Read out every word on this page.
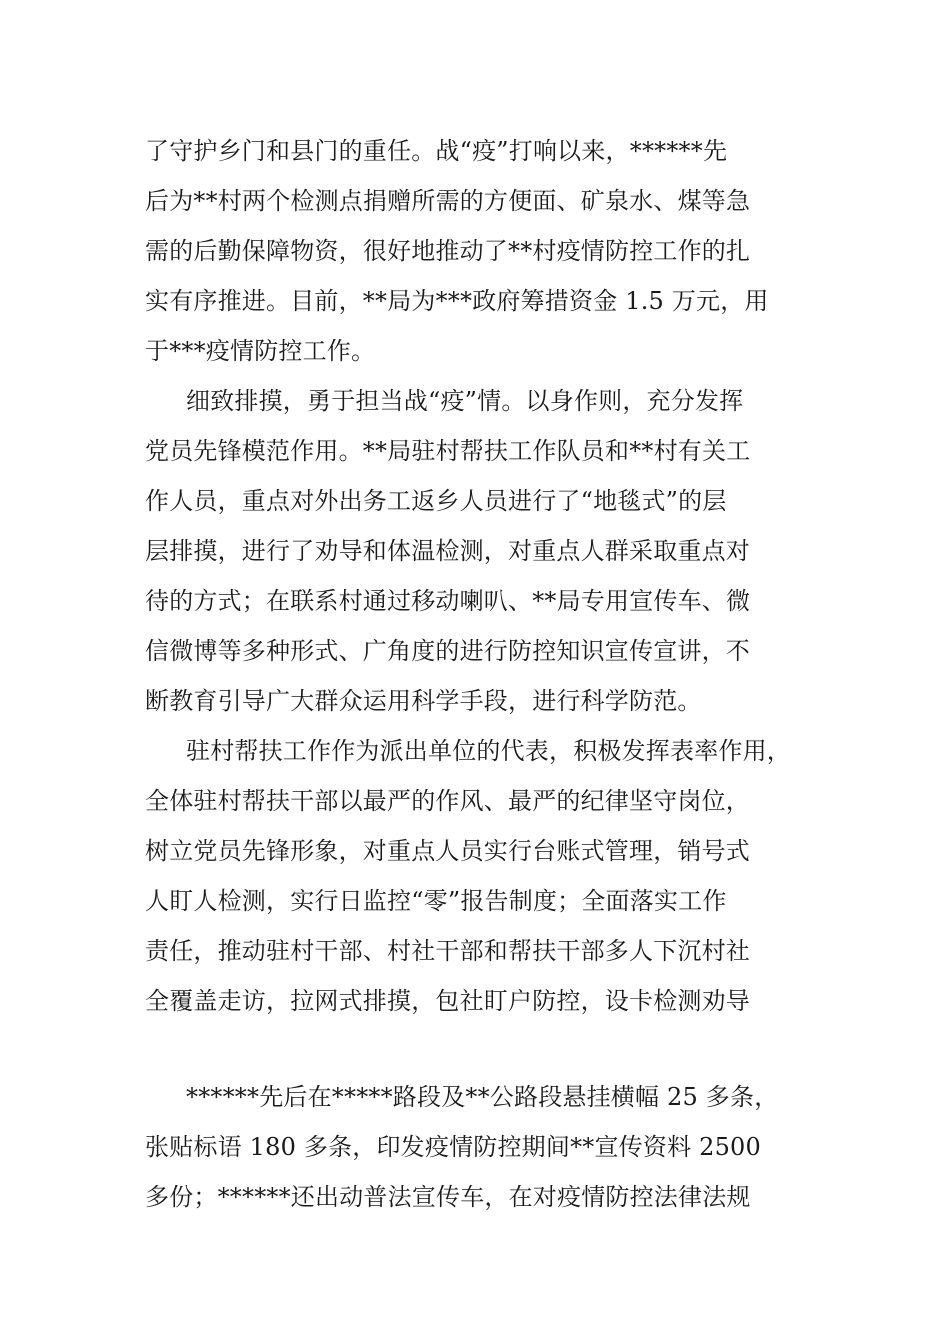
了守护乡门和县门的重任。战“疫”打响以来，******先
后为**村两个检测点捐赠所需的方便面、矿泉水、煤等急
需的后勤保障物资，很好地推动了**村疫情防控工作的扎
实有序推进。目前，**局为***政府筹措资金 1.5 万元，用
于***疫情防控工作。
细致排摸，勇于担当战“疫”情。以身作则，充分发挥
党员先锋模范作用。**局驻村帮扶工作队员和**村有关工
作人员，重点对外出务工返乡人员进行了“地毯式”的层
层排摸，进行了劝导和体温检测，对重点人群采取重点对
待的方式；在联系村通过移动喇叭、**局专用宣传车、微
信微博等多种形式、广角度的进行防控知识宣传宣讲，不
断教育引导广大群众运用科学手段，进行科学防范。
驻村帮扶工作作为派出单位的代表，积极发挥表率作用，
全体驻村帮扶干部以最严的作风、最严的纪律坚守岗位，
树立党员先锋形象，对重点人员实行台账式管理，销号式
人盯人检测，实行日监控“零”报告制度；全面落实工作
责任，推动驻村干部、村社干部和帮扶干部多人下沉村社
全覆盖走访，拉网式排摸，包社盯户防控，设卡检测劝导
******先后在*****路段及**公路段悬挂横幅 25 多条，
张贴标语 180 多条，印发疫情防控期间**宣传资料 2500
多份；******还出动普法宣传车，在对疫情防控法律法规
